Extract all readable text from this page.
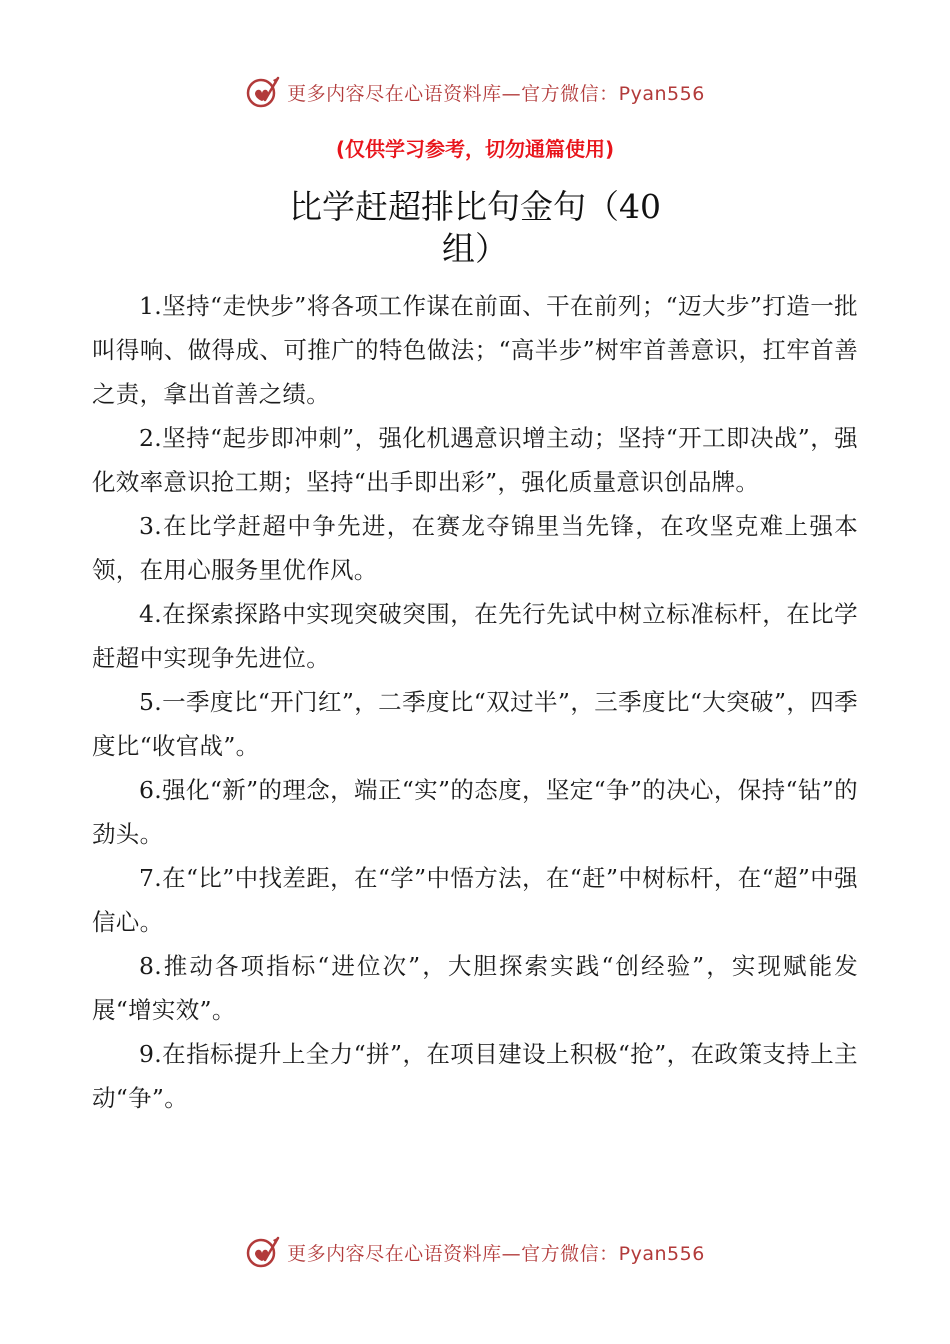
更多内容尽在心语资料库—官方微信：Pyan556
(仅供学习参考，切勿通篇使用)
比学赶超排比句金句（40
组）

1.坚持“走快步”将各项工作谋在前面、干在前列；“迈大步”打造一批叫得响、做得成、可推广的特色做法；“高半步”树牢首善意识，扛牢首善之责，拿出首善之绩。

2.坚持“起步即冲刺”，强化机遇意识增主动；坚持“开工即决战”，强化效率意识抢工期；坚持“出手即出彩”，强化质量意识创品牌。

3.在比学赶超中争先进，在赛龙夺锦里当先锋，在攻坚克难上强本领，在用心服务里优作风。

4.在探索探路中实现突破突围，在先行先试中树立标准标杆，在比学赶超中实现争先进位。

5.一季度比“开门红”，二季度比“双过半”，三季度比“大突破”，四季度比“收官战”。

6.强化“新”的理念，端正“实”的态度，坚定“争”的决心，保持“钻”的劲头。

7.在“比”中找差距，在“学”中悟方法，在“赶”中树标杆，在“超”中强信心。

8.推动各项指标“进位次”，大胆探索实践“创经验”，实现赋能发展“增实效”。

9.在指标提升上全力“拼”，在项目建设上积极“抢”，在政策支持上主动“争”。

更多内容尽在心语资料库—官方微信：Pyan556
